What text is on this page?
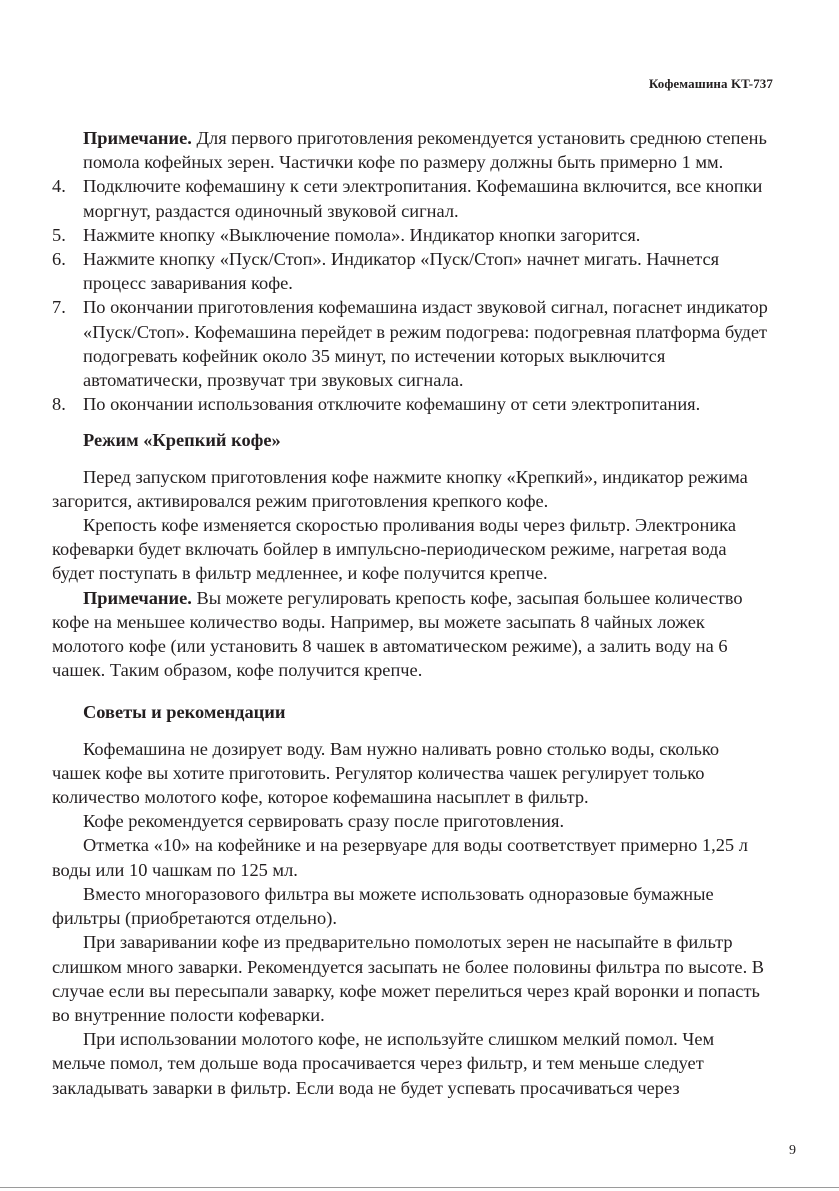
Кофемашина KT-737

Примечание. Для первого приготовления рекомендуется установить среднюю степень помола кофейных зерен. Частички кофе по размеру должны быть примерно 1 мм.

4. Подключите кофемашину к сети электропитания. Кофемашина включится, все кнопки моргнут, раздастся одиночный звуковой сигнал.
5. Нажмите кнопку «Выключение помола». Индикатор кнопки загорится.
6. Нажмите кнопку «Пуск/Стоп». Индикатор «Пуск/Стоп» начнет мигать. Начнется процесс заваривания кофе.
7. По окончании приготовления кофемашина издаст звуковой сигнал, погаснет индикатор «Пуск/Стоп». Кофемашина перейдет в режим подогрева: подогревная платформа будет подогревать кофейник около 35 минут, по истечении которых выключится автоматически, прозвучат три звуковых сигнала.
8. По окончании использования отключите кофемашину от сети электропитания.
Режим «Крепкий кофе»

Перед запуском приготовления кофе нажмите кнопку «Крепкий», индикатор режима загорится, активировался режим приготовления крепкого кофе.

Крепость кофе изменяется скоростью проливания воды через фильтр. Электроника кофеварки будет включать бойлер в импульсно-периодическом режиме, нагретая вода будет поступать в фильтр медленнее, и кофе получится крепче.

Примечание. Вы можете регулировать крепость кофе, засыпая большее количество кофе на меньшее количество воды. Например, вы можете засыпать 8 чайных ложек молотого кофе (или установить 8 чашек в автоматическом режиме), а залить воду на 6 чашек. Таким образом, кофе получится крепче.

Советы и рекомендации

Кофемашина не дозирует воду. Вам нужно наливать ровно столько воды, сколько чашек кофе вы хотите приготовить. Регулятор количества чашек регулирует только количество молотого кофе, которое кофемашина насыплет в фильтр.

Кофе рекомендуется сервировать сразу после приготовления.

Отметка «10» на кофейнике и на резервуаре для воды соответствует примерно 1,25 л воды или 10 чашкам по 125 мл.

Вместо многоразового фильтра вы можете использовать одноразовые бумажные фильтры (приобретаются отдельно).

При заваривании кофе из предварительно помолотых зерен не насыпайте в фильтр слишком много заварки. Рекомендуется засыпать не более половины фильтра по высоте. В случае если вы пересыпали заварку, кофе может перелиться через край воронки и попасть во внутренние полости кофеварки.

При использовании молотого кофе, не используйте слишком мелкий помол. Чем мельче помол, тем дольше вода просачивается через фильтр, и тем меньше следует закладывать заварки в фильтр. Если вода не будет успевать просачиваться через

9
